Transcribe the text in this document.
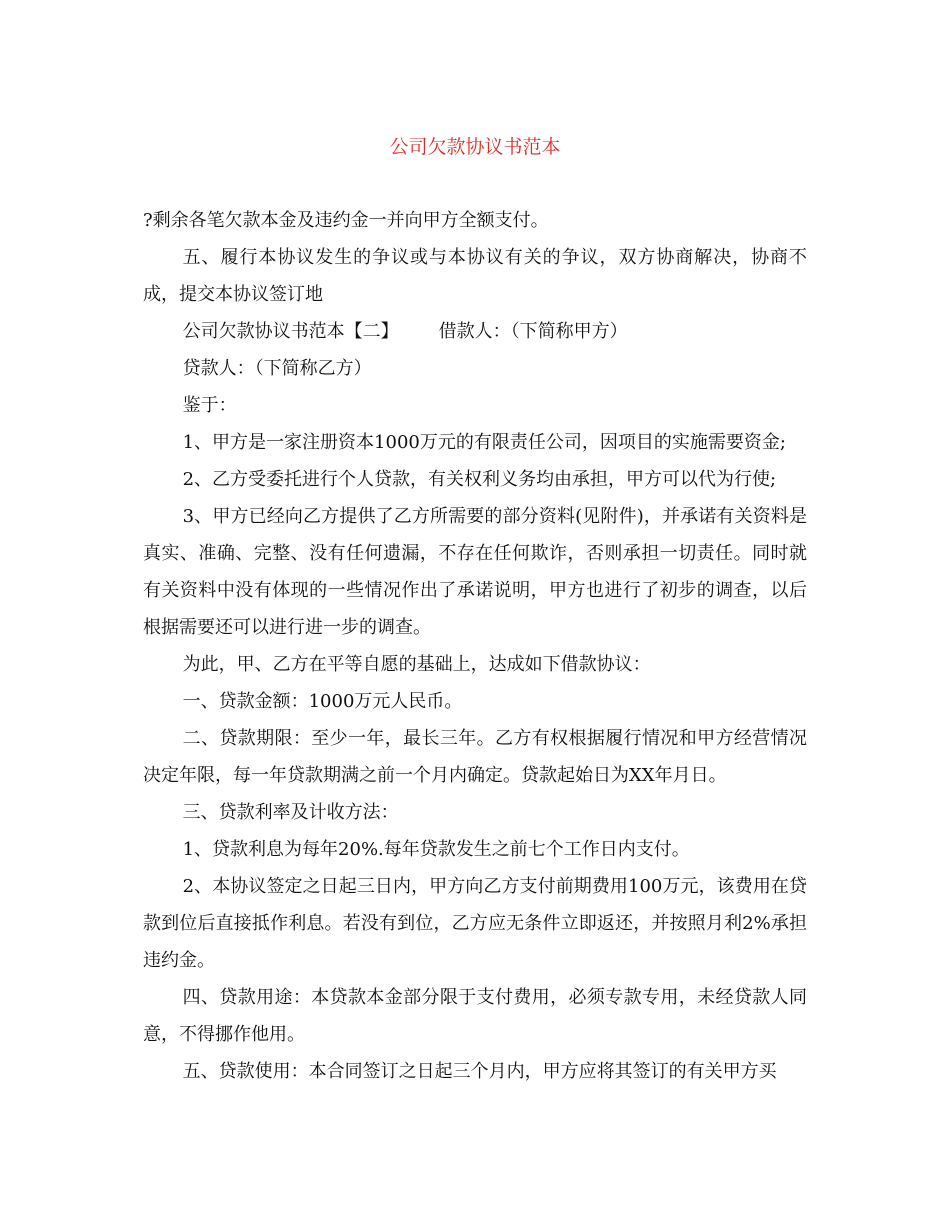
公司欠款协议书范本

?剩余各笔欠款本金及违约金一并向甲方全额支付。

五、履行本协议发生的争议或与本协议有关的争议，双方协商解决，协商不成，提交本协议签订地

公司欠款协议书范本【二】 借款人：（下简称甲方）

贷款人：（下简称乙方）

鉴于：

1、甲方是一家注册资本1000万元的有限责任公司，因项目的实施需要资金;

2、乙方受委托进行个人贷款，有关权利义务均由承担，甲方可以代为行使;

3、甲方已经向乙方提供了乙方所需要的部分资料(见附件)，并承诺有关资料是真实、准确、完整、没有任何遗漏，不存在任何欺诈，否则承担一切责任。同时就有关资料中没有体现的一些情况作出了承诺说明，甲方也进行了初步的调查，以后根据需要还可以进行进一步的调查。

为此，甲、乙方在平等自愿的基础上，达成如下借款协议：

一、贷款金额：1000万元人民币。

二、贷款期限：至少一年，最长三年。乙方有权根据履行情况和甲方经营情况决定年限，每一年贷款期满之前一个月内确定。贷款起始日为XX年月日。

三、贷款利率及计收方法：

1、贷款利息为每年20%.每年贷款发生之前七个工作日内支付。

2、本协议签定之日起三日内，甲方向乙方支付前期费用100万元，该费用在贷款到位后直接抵作利息。若没有到位，乙方应无条件立即返还，并按照月利2%承担违约金。

四、贷款用途：本贷款本金部分限于支付费用，必须专款专用，未经贷款人同意，不得挪作他用。

五、贷款使用：本合同签订之日起三个月内，甲方应将其签订的有关甲方买
